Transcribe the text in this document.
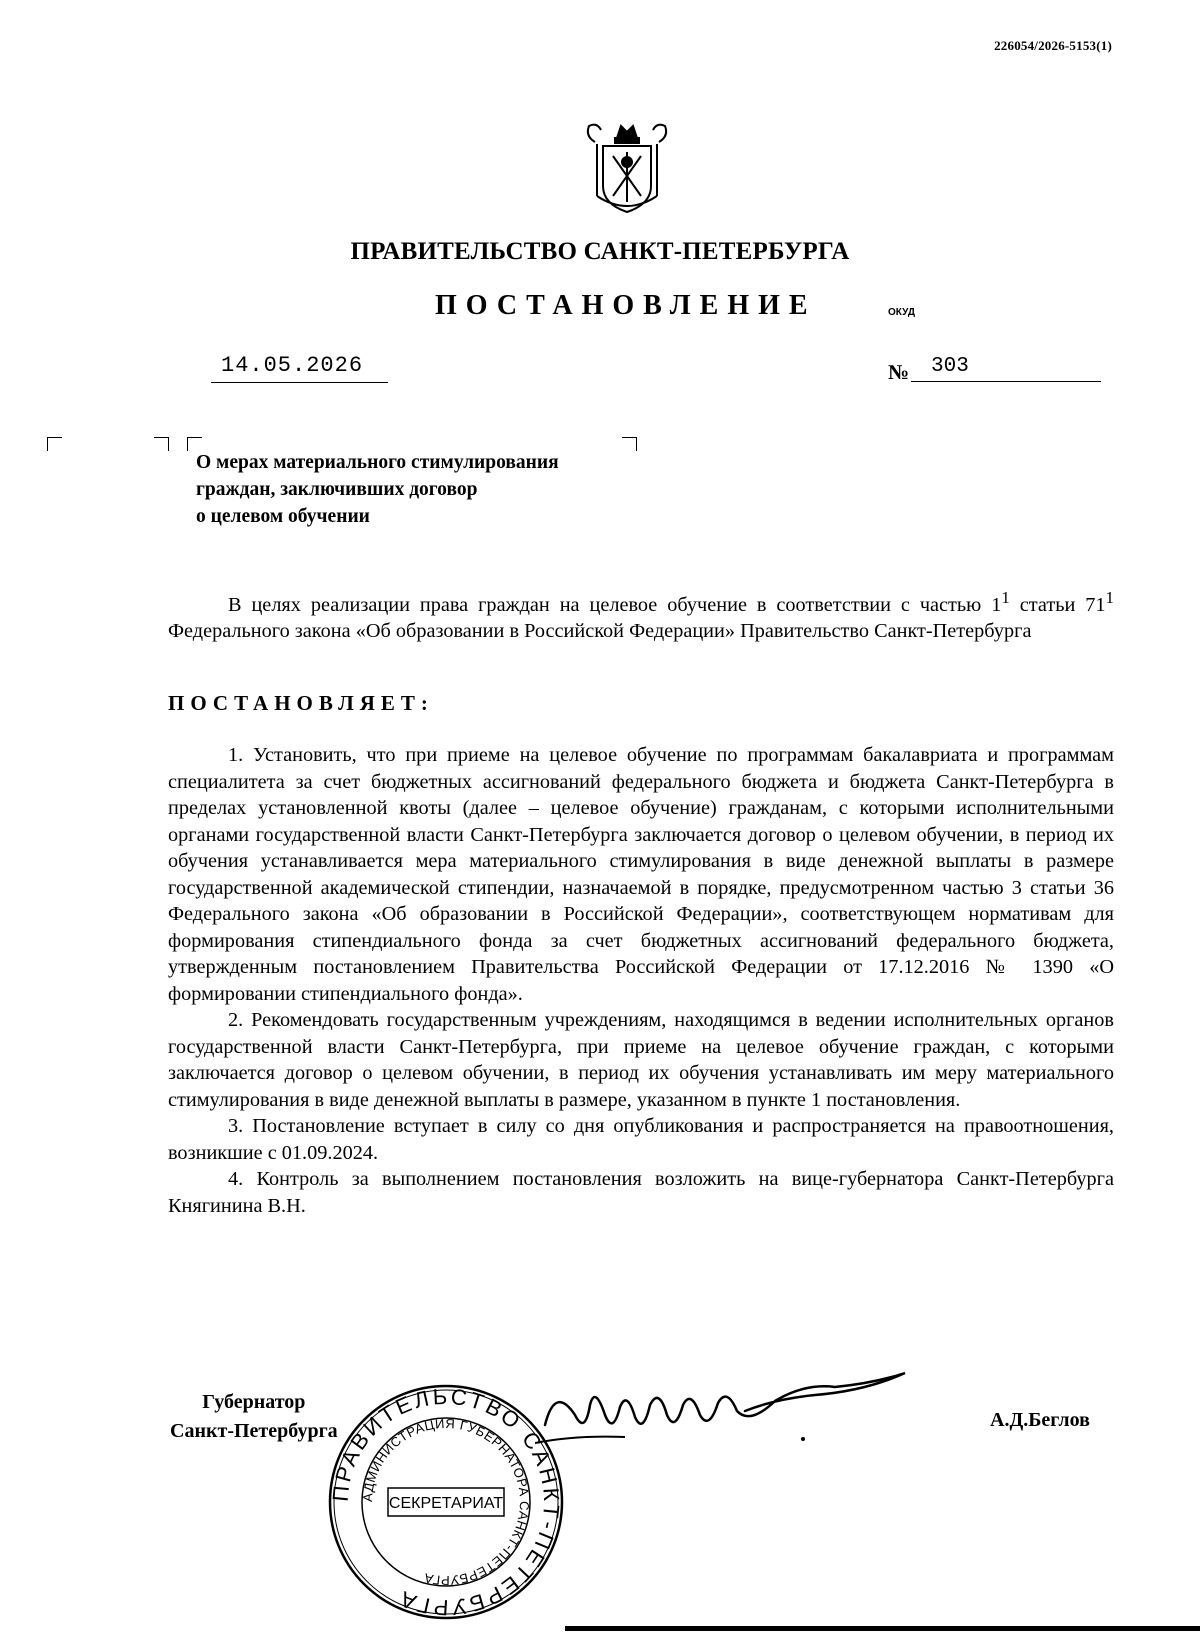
226054/2026-5153(1)
ПРАВИТЕЛЬСТВО САНКТ-ПЕТЕРБУРГА
ПОСТАНОВЛЕНИЕ	ОКУД
14.05.2026	№	303
О мерах материального стимулирования
граждан, заключивших договор
о целевом обучении

В целях реализации права граждан на целевое обучение в соответствии с частью $1^1$ статьи $71^1$ Федерального закона «Об образовании в Российской Федерации» Правительство Санкт-Петербурга

ПОСТАНОВЛЯЕТ:

1. Установить, что при приеме на целевое обучение по программам бакалавриата и программам специалитета за счет бюджетных ассигнований федерального бюджета и бюджета Санкт-Петербурга в пределах установленной квоты (далее – целевое обучение) гражданам, с которыми исполнительными органами государственной власти Санкт-Петербурга заключается договор о целевом обучении, в период их обучения устанавливается мера материального стимулирования в виде денежной выплаты в размере государственной академической стипендии, назначаемой в порядке, предусмотренном частью 3 статьи 36 Федерального закона «Об образовании в Российской Федерации», соответствующем нормативам для формирования стипендиального фонда за счет бюджетных ассигнований федерального бюджета, утвержденным постановлением Правительства Российской Федерации от 17.12.2016 № 1390 «О формировании стипендиального фонда».

2. Рекомендовать государственным учреждениям, находящимся в ведении исполнительных органов государственной власти Санкт-Петербурга, при приеме на целевое обучение граждан, с которыми заключается договор о целевом обучении, в период их обучения устанавливать им меру материального стимулирования в виде денежной выплаты в размере, указанном в пункте 1 постановления.

3. Постановление вступает в силу со дня опубликования и распространяется на правоотношения, возникшие с 01.09.2024.

4. Контроль за выполнением постановления возложить на вице-губернатора Санкт-Петербурга Княгинина В.Н.

Губернатор
Санкт-Петербурга
ПРАВИТЕЛЬСТВО САНКТ-ПЕТЕРБУРГА
АДМИНИСТРАЦИЯ ГУБЕРНАТОРА САНКТ-ПЕТЕРБУРГА
СЕКРЕТАРИАТ
А.Д.Беглов
